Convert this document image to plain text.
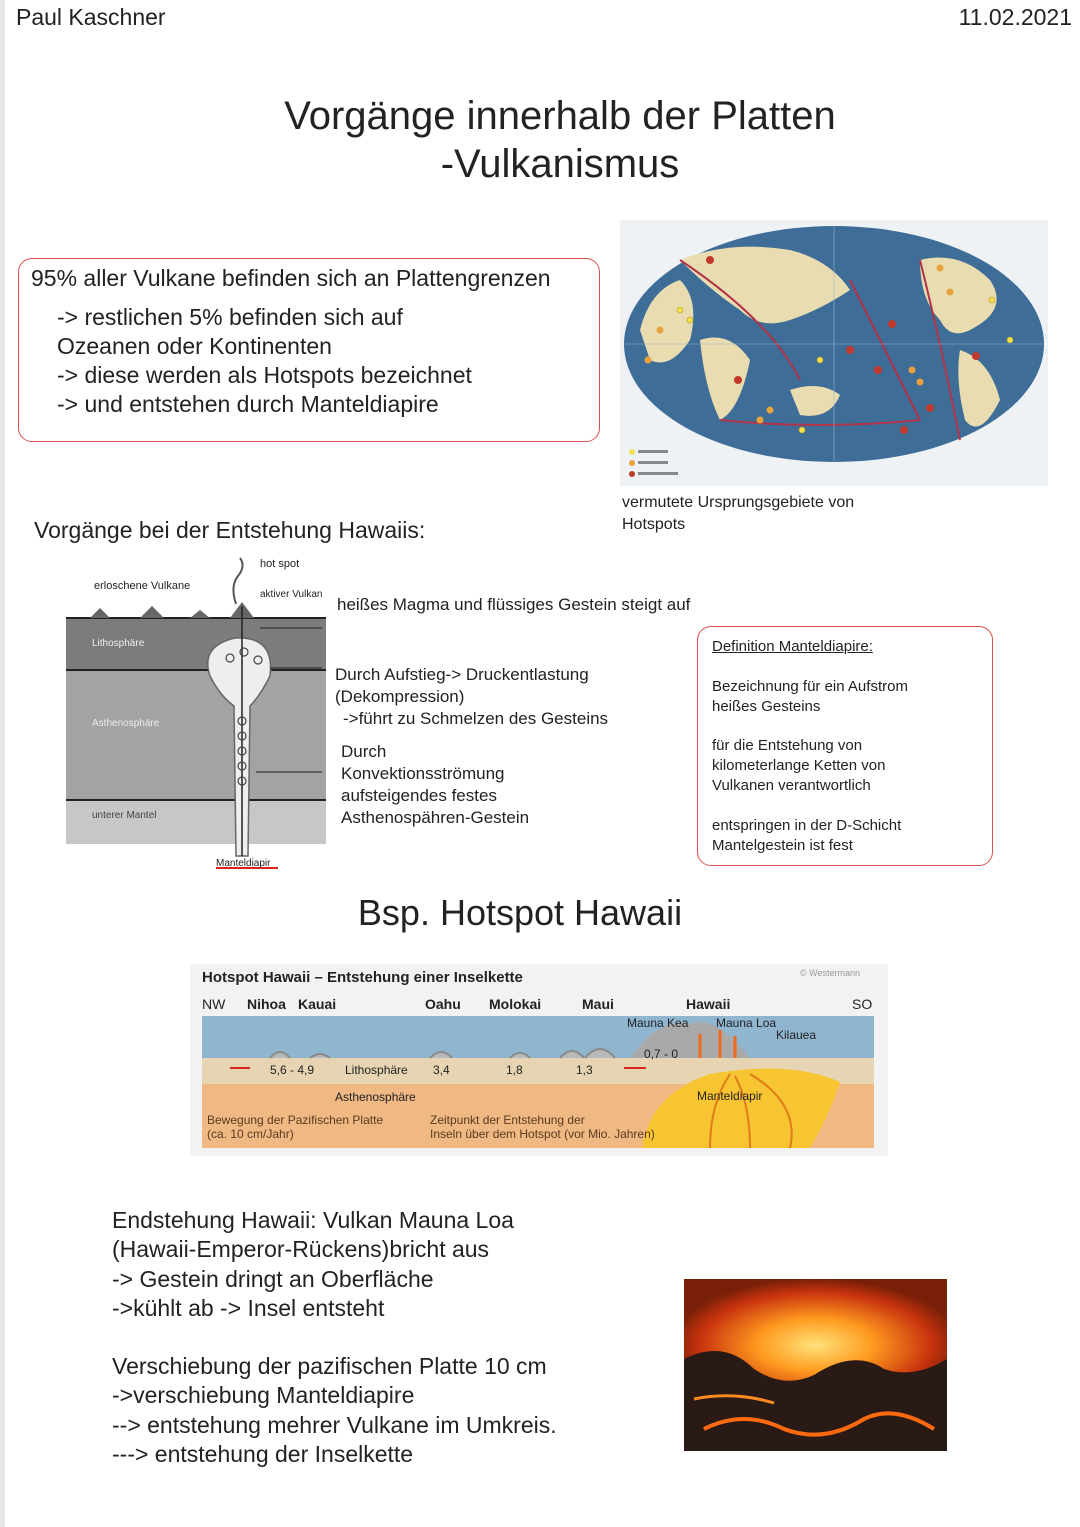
Paul Kaschner	11.02.2021
Vorgänge innerhalb der Platten
-Vulkanismus
95% aller Vulkane befinden sich an Plattengrenzen
-> restlichen 5% befinden sich auf
Ozeanen oder Kontinenten
-> diese werden als Hotspots bezeichnet
-> und entstehen durch Manteldiapire
vermutete Ursprungsgebiete von
Hotspots
Vorgänge bei der Entstehung Hawaiis:
erloschene Vulkane
hot spot
aktiver Vulkan
Lithosphäre
Asthenosphäre
unterer Mantel
Manteldiapir
heißes Magma und flüssiges Gestein steigt auf
Durch Aufstieg-> Druckentlastung
(Dekompression)
->führt zu Schmelzen des Gesteins
Durch
Konvektionsströmung
aufsteigendes festes
Asthenospähren-Gestein
Definition Manteldiapire:
Bezeichnung für ein Aufstrom
heißes Gesteins
für die Entstehung von
kilometerlange Ketten von
Vulkanen verantwortlich
entspringen in der D-Schicht
Mantelgestein ist fest
Bsp. Hotspot Hawaii
Hotspot Hawaii – Entstehung einer Inselkette	© Westermann
NW	SO
Nihoa Kauai	Oahu Molokai	Maui	Hawaii
Mauna Kea Mauna Loa
Kilauea
5,6 - 4,9	3,4	1,8	1,3
0,7 - 0
Lithosphäre
Asthenosphäre	Manteldiapir
Bewegung der Pazifischen Platte
(ca. 10 cm/Jahr)
Zeitpunkt der Entstehung der
Inseln über dem Hotspot (vor Mio. Jahren)
Endstehung Hawaii: Vulkan Mauna Loa
(Hawaii-Emperor-Rückens)bricht aus
-> Gestein dringt an Oberfläche
->kühlt ab -> Insel entsteht
Verschiebung der pazifischen Platte 10 cm
->verschiebung Manteldiapire
--> entstehung mehrer Vulkane im Umkreis.
---> entstehung der Inselkette
